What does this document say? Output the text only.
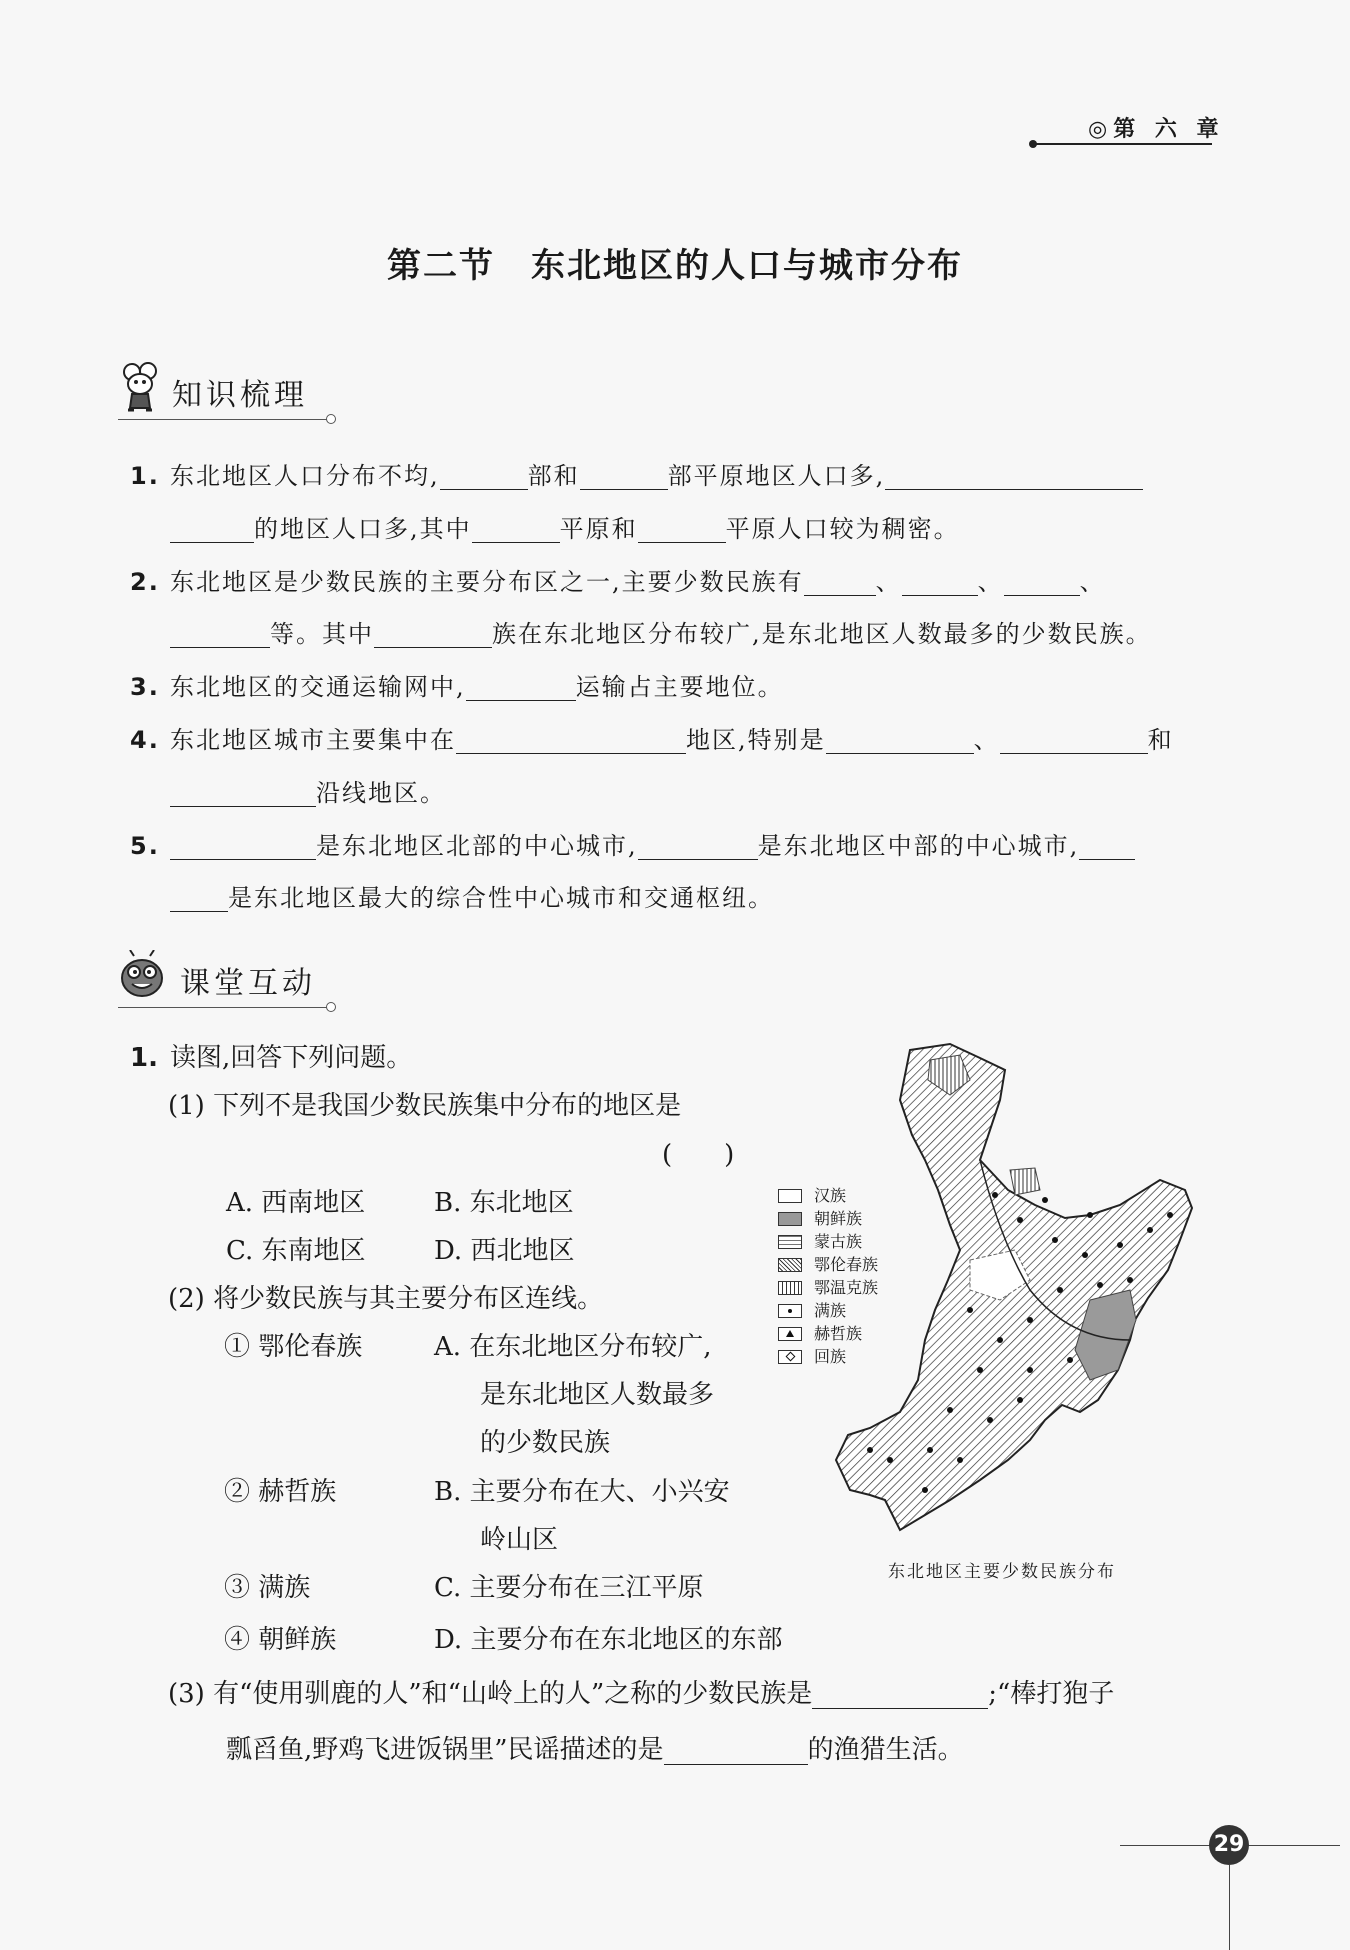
◎第 六 章
第二节　东北地区的人口与城市分布
知识梳理
1. 东北地区人口分布不均,	部和	部平原地区人口多,
的地区人口多,其中	平原和	平原人口较为稠密。
2. 东北地区是少数民族的主要分布区之一,主要少数民族有	、	、	、
等。其中	族在东北地区分布较广,是东北地区人数最多的少数民族。
3. 东北地区的交通运输网中,	运输占主要地位。
4. 东北地区城市主要集中在	地区,特别是	、	和
沿线地区。
5.	是东北地区北部的中心城市,	是东北地区中部的中心城市,
是东北地区最大的综合性中心城市和交通枢纽。
课堂互动
1. 读图,回答下列问题。
(1) 下列不是我国少数民族集中分布的地区是
(　　)
A. 西南地区	B. 东北地区
C. 东南地区	D. 西北地区
(2) 将少数民族与其主要分布区连线。
① 鄂伦春族	A. 在东北地区分布较广,
是东北地区人数最多
的少数民族
② 赫哲族	B. 主要分布在大、小兴安
岭山区
③ 满族	C. 主要分布在三江平原
④ 朝鲜族	D. 主要分布在东北地区的东部
(3) 有“使用驯鹿的人”和“山岭上的人”之称的少数民族是	;“棒打狍子
瓢舀鱼,野鸡飞进饭锅里”民谣描述的是	的渔猎生活。
汉族
朝鲜族
蒙古族
鄂伦春族
鄂温克族
满族
赫哲族
回族
东北地区主要少数民族分布
29
